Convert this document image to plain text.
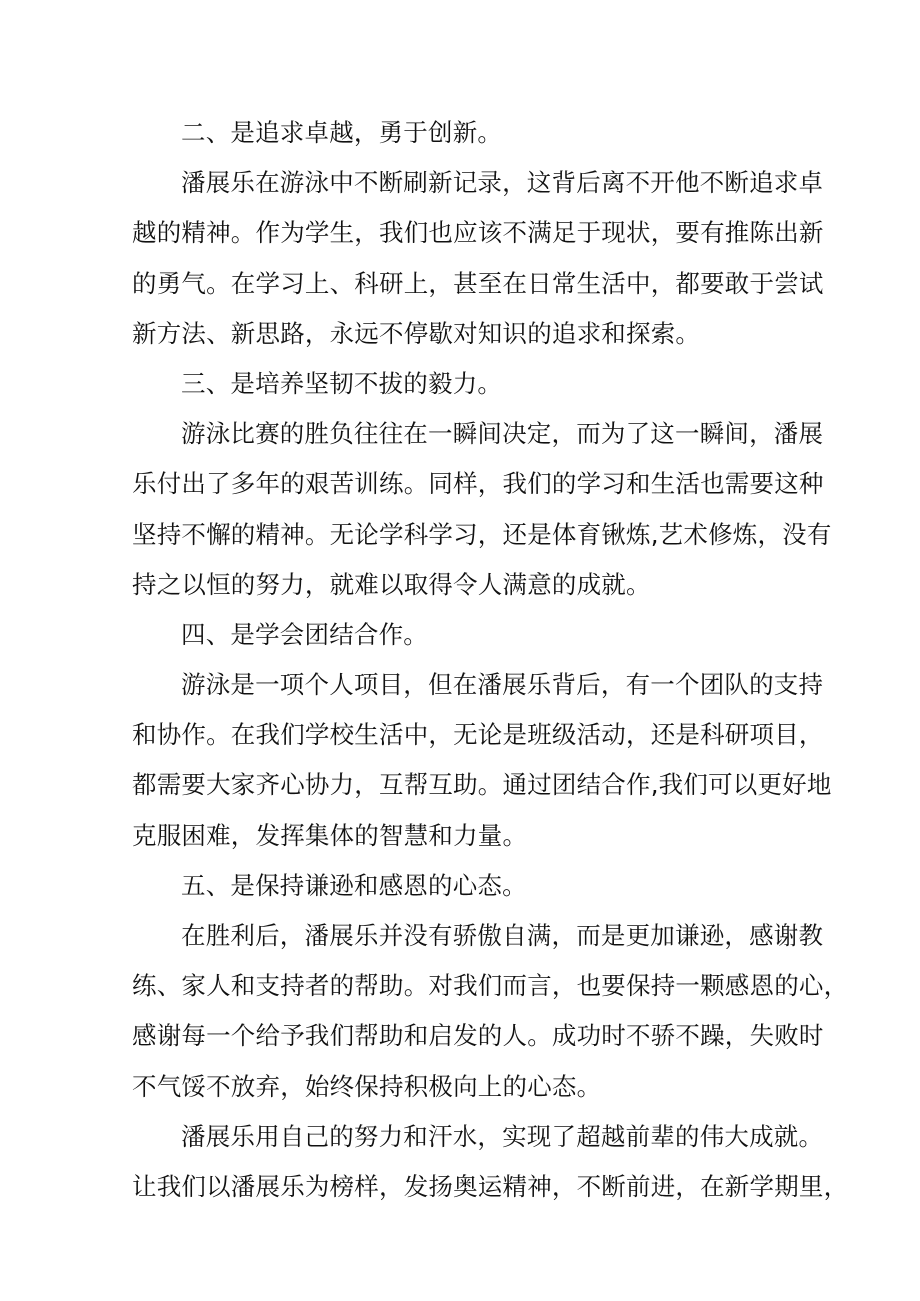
二、是追求卓越，勇于创新。
潘展乐在游泳中不断刷新记录，这背后离不开他不断追求卓
越的精神。作为学生，我们也应该不满足于现状，要有推陈出新
的勇气。在学习上、科研上，甚至在日常生活中，都要敢于尝试
新方法、新思路，永远不停歇对知识的追求和探索。
三、是培养坚韧不拔的毅力。
游泳比赛的胜负往往在一瞬间决定，而为了这一瞬间，潘展
乐付出了多年的艰苦训练。同样，我们的学习和生活也需要这种
坚持不懈的精神。无论学科学习，还是体育锹炼,艺术修炼，没有
持之以恒的努力，就难以取得令人满意的成就。
四、是学会团结合作。
游泳是一项个人项目，但在潘展乐背后，有一个团队的支持
和协作。在我们学校生活中，无论是班级活动，还是科研项目，
都需要大家齐心协力，互帮互助。通过团结合作,我们可以更好地
克服困难，发挥集体的智慧和力量。
五、是保持谦逊和感恩的心态。
在胜利后，潘展乐并没有骄傲自满，而是更加谦逊，感谢教
练、家人和支持者的帮助。对我们而言，也要保持一颗感恩的心，
感谢每一个给予我们帮助和启发的人。成功时不骄不躁，失败时
不气馁不放弃，始终保持积极向上的心态。
潘展乐用自己的努力和汗水，实现了超越前辈的伟大成就。
让我们以潘展乐为榜样，发扬奥运精神，不断前进，在新学期里，
